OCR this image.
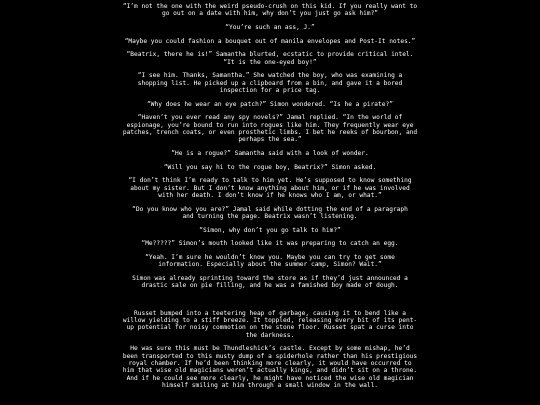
“I’m not the one with the weird pseudo-crush on this kid. If you really want to
go out on a date with him, why don’t you just go ask him?”
“You’re such an ass, J.”
“Maybe you could fashion a bouquet out of manila envelopes and Post-It notes.”
“Beatrix, there he is!” Samantha blurted, ecstatic to provide critical intel.
“It is the one-eyed boy!”
“I see him. Thanks, Samantha.” She watched the boy, who was examining a
shopping list. He picked up a clipboard from a bin, and gave it a bored
inspection for a price tag.
“Why does he wear an eye patch?” Simon wondered. “Is he a pirate?”
“Haven’t you ever read any spy novels?” Jamal replied. “In the world of
espionage, you’re bound to run into rogues like him. They frequently wear eye
patches, trench coats, or even prosthetic limbs. I bet he reeks of bourbon, and
perhaps the sea.”
“He is a rogue?” Samantha said with a look of wonder.
“Will you say hi to the rogue boy, Beatrix?” Simon asked.
“I don’t think I’m ready to talk to him yet. He’s supposed to know something
about my sister. But I don’t know anything about him, or if he was involved
with her death. I don’t know if he knows who I am, or what.”
“Do you know who you are?” Jamal said while dotting the end of a paragraph
and turning the page. Beatrix wasn’t listening.
“Simon, why don’t you go talk to him?”
“Me?????” Simon’s mouth looked like it was preparing to catch an egg.
“Yeah. I’m sure he wouldn’t know you. Maybe you can try to get some
information. Especially about the summer camp, Simon? Wait.”
Simon was already sprinting toward the store as if they’d just announced a
drastic sale on pie filling, and he was a famished boy made of dough.
Russet bumped into a teetering heap of garbage, causing it to bend like a
willow yielding to a stiff breeze. It toppled, releasing every bit of its pent-
up potential for noisy commotion on the stone floor. Russet spat a curse into
the darkness.
He was sure this must be Thundleshick’s castle. Except by some mishap, he’d
been transported to this musty dump of a spiderhole rather than his prestigious
royal chamber. If he’d been thinking more clearly, it would have occurred to
him that wise old magicians weren’t actually kings, and didn’t sit on a throne.
And if he could see more clearly, he might have noticed the wise old magician
himself smiling at him through a small window in the wall.
